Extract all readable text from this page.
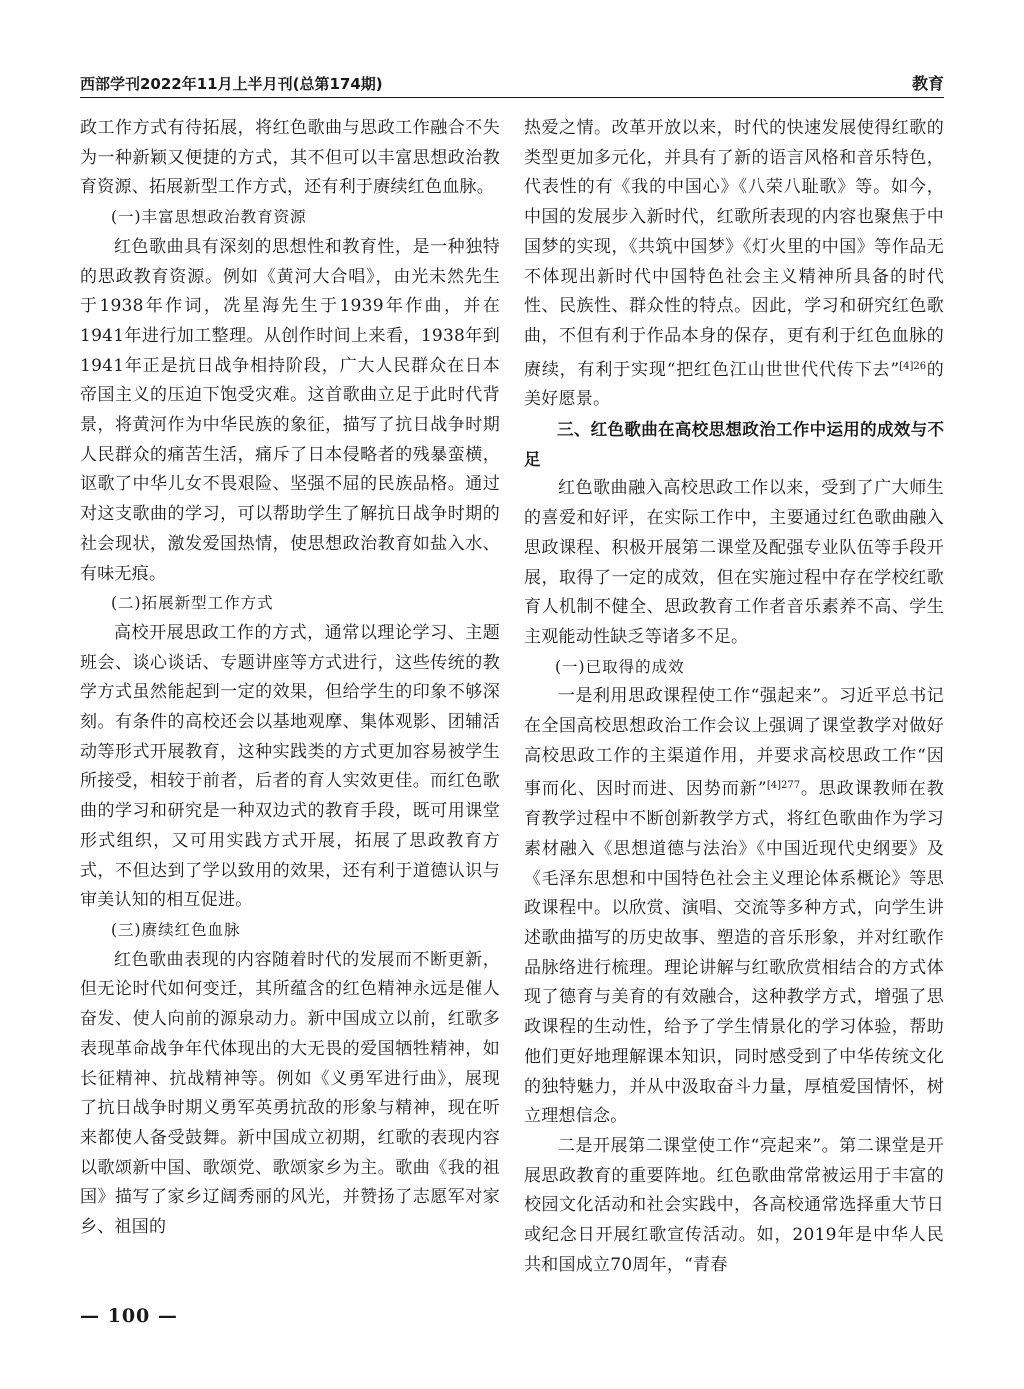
西部学刊2022年11月上半月刊(总第174期)	教育

政工作方式有待拓展，将红色歌曲与思政工作融合不失为一种新颖又便捷的方式，其不但可以丰富思想政治教育资源、拓展新型工作方式，还有利于赓续红色血脉。

(一)丰富思想政治教育资源

红色歌曲具有深刻的思想性和教育性，是一种独特的思政教育资源。例如《黄河大合唱》，由光未然先生于1938年作词，冼星海先生于1939年作曲，并在1941年进行加工整理。从创作时间上来看，1938年到1941年正是抗日战争相持阶段，广大人民群众在日本帝国主义的压迫下饱受灾难。这首歌曲立足于此时代背景，将黄河作为中华民族的象征，描写了抗日战争时期人民群众的痛苦生活，痛斥了日本侵略者的残暴蛮横，讴歌了中华儿女不畏艰险、坚强不屈的民族品格。通过对这支歌曲的学习，可以帮助学生了解抗日战争时期的社会现状，激发爱国热情，使思想政治教育如盐入水、有味无痕。

(二)拓展新型工作方式

高校开展思政工作的方式，通常以理论学习、主题班会、谈心谈话、专题讲座等方式进行，这些传统的教学方式虽然能起到一定的效果，但给学生的印象不够深刻。有条件的高校还会以基地观摩、集体观影、团辅活动等形式开展教育，这种实践类的方式更加容易被学生所接受，相较于前者，后者的育人实效更佳。而红色歌曲的学习和研究是一种双边式的教育手段，既可用课堂形式组织，又可用实践方式开展，拓展了思政教育方式，不但达到了学以致用的效果，还有利于道德认识与审美认知的相互促进。

(三)赓续红色血脉

红色歌曲表现的内容随着时代的发展而不断更新，但无论时代如何变迁，其所蕴含的红色精神永远是催人奋发、使人向前的源泉动力。新中国成立以前，红歌多表现革命战争年代体现出的大无畏的爱国牺牲精神，如长征精神、抗战精神等。例如《义勇军进行曲》，展现了抗日战争时期义勇军英勇抗敌的形象与精神，现在听来都使人备受鼓舞。新中国成立初期，红歌的表现内容以歌颂新中国、歌颂党、歌颂家乡为主。歌曲《我的祖国》描写了家乡辽阔秀丽的风光，并赞扬了志愿军对家乡、祖国的

热爱之情。改革开放以来，时代的快速发展使得红歌的类型更加多元化，并具有了新的语言风格和音乐特色，代表性的有《我的中国心》《八荣八耻歌》等。如今，中国的发展步入新时代，红歌所表现的内容也聚焦于中国梦的实现，《共筑中国梦》《灯火里的中国》等作品无不体现出新时代中国特色社会主义精神所具备的时代性、民族性、群众性的特点。因此，学习和研究红色歌曲，不但有利于作品本身的保存，更有利于红色血脉的赓续，有利于实现“把红色江山世世代代传下去”$^{[4]26}$的美好愿景。

三、红色歌曲在高校思想政治工作中运用的成效与不足

红色歌曲融入高校思政工作以来，受到了广大师生的喜爱和好评，在实际工作中，主要通过红色歌曲融入思政课程、积极开展第二课堂及配强专业队伍等手段开展，取得了一定的成效，但在实施过程中存在学校红歌育人机制不健全、思政教育工作者音乐素养不高、学生主观能动性缺乏等诸多不足。

(一)已取得的成效

一是利用思政课程使工作“强起来”。习近平总书记在全国高校思想政治工作会议上强调了课堂教学对做好高校思政工作的主渠道作用，并要求高校思政工作“因事而化、因时而进、因势而新”$^{[4]277}$。思政课教师在教育教学过程中不断创新教学方式，将红色歌曲作为学习素材融入《思想道德与法治》《中国近现代史纲要》及《毛泽东思想和中国特色社会主义理论体系概论》等思政课程中。以欣赏、演唱、交流等多种方式，向学生讲述歌曲描写的历史故事、塑造的音乐形象，并对红歌作品脉络进行梳理。理论讲解与红歌欣赏相结合的方式体现了德育与美育的有效融合，这种教学方式，增强了思政课程的生动性，给予了学生情景化的学习体验，帮助他们更好地理解课本知识，同时感受到了中华传统文化的独特魅力，并从中汲取奋斗力量，厚植爱国情怀，树立理想信念。

二是开展第二课堂使工作“亮起来”。第二课堂是开展思政教育的重要阵地。红色歌曲常常被运用于丰富的校园文化活动和社会实践中，各高校通常选择重大节日或纪念日开展红歌宣传活动。如，2019年是中华人民共和国成立70周年，“青春

— 100 —
